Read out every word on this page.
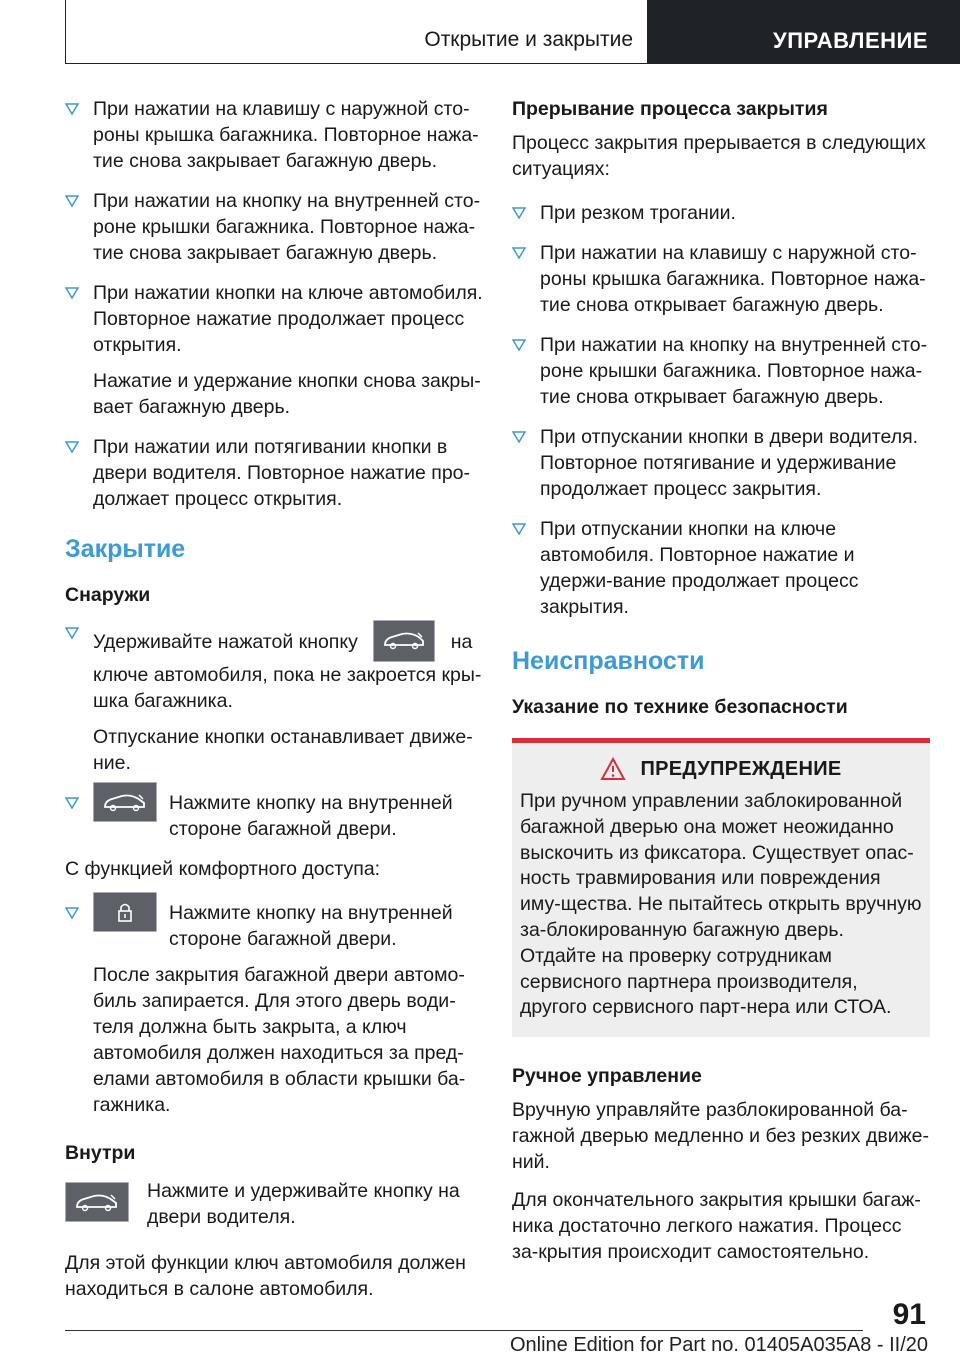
Открытие и закрытие	УПРАВЛЕНИЕ

При нажатии на клавишу с наружной сто-роны крышка багажника. Повторное нажа-тие снова закрывает багажную дверь.

При нажатии на кнопку на внутренней сто-роне крышки багажника. Повторное нажа-тие снова закрывает багажную дверь.

При нажатии кнопки на ключе автомобиля. Повторное нажатие продолжает процесс открытия.

Нажатие и удержание кнопки снова закры-вает багажную дверь.

При нажатии или потягивании кнопки в двери водителя. Повторное нажатие про-должает процесс открытия.

Закрытие
Снаружи

Удерживайте нажатой кнопку	на ключе автомобиля, пока не закроется кры-шка багажника.

Отпускание кнопки останавливает движе-ние.

Нажмите кнопку на внутренней стороне багажной двери.

С функцией комфортного доступа:

Нажмите кнопку на внутренней стороне багажной двери.

После закрытия багажной двери автомо-биль запирается. Для этого дверь води-теля должна быть закрыта, а ключ автомобиля должен находиться за пред-елами автомобиля в области крышки ба-гажника.

Внутри

Нажмите и удерживайте кнопку на двери водителя.

Для этой функции ключ автомобиля должен находиться в салоне автомобиля.

Прерывание процесса закрытия

Процесс закрытия прерывается в следующих ситуациях:

При резком трогании.

При нажатии на клавишу с наружной сто-роны крышка багажника. Повторное нажа-тие снова открывает багажную дверь.

При нажатии на кнопку на внутренней сто-роне крышки багажника. Повторное нажа-тие снова открывает багажную дверь.

При отпускании кнопки в двери водителя. Повторное потягивание и удерживание продолжает процесс закрытия.

При отпускании кнопки на ключе автомобиля. Повторное нажатие и удержи-вание продолжает процесс закрытия.

Неисправности
Указание по технике безопасности
ПРЕДУПРЕЖДЕНИЕ

При ручном управлении заблокированной багажной дверью она может неожиданно выскочить из фиксатора. Существует опас-ность травмирования или повреждения иму-щества. Не пытайтесь открыть вручную за-блокированную багажную дверь. Отдайте на проверку сотрудникам сервисного партнера производителя, другого сервисного парт-нера или СТОА.

Ручное управление

Вручную управляйте разблокированной ба-гажной дверью медленно и без резких движе-ний.

Для окончательного закрытия крышки багаж-ника достаточно легкого нажатия. Процесс за-крытия происходит самостоятельно.

91
Online Edition for Part no. 01405A035A8 - II/20
